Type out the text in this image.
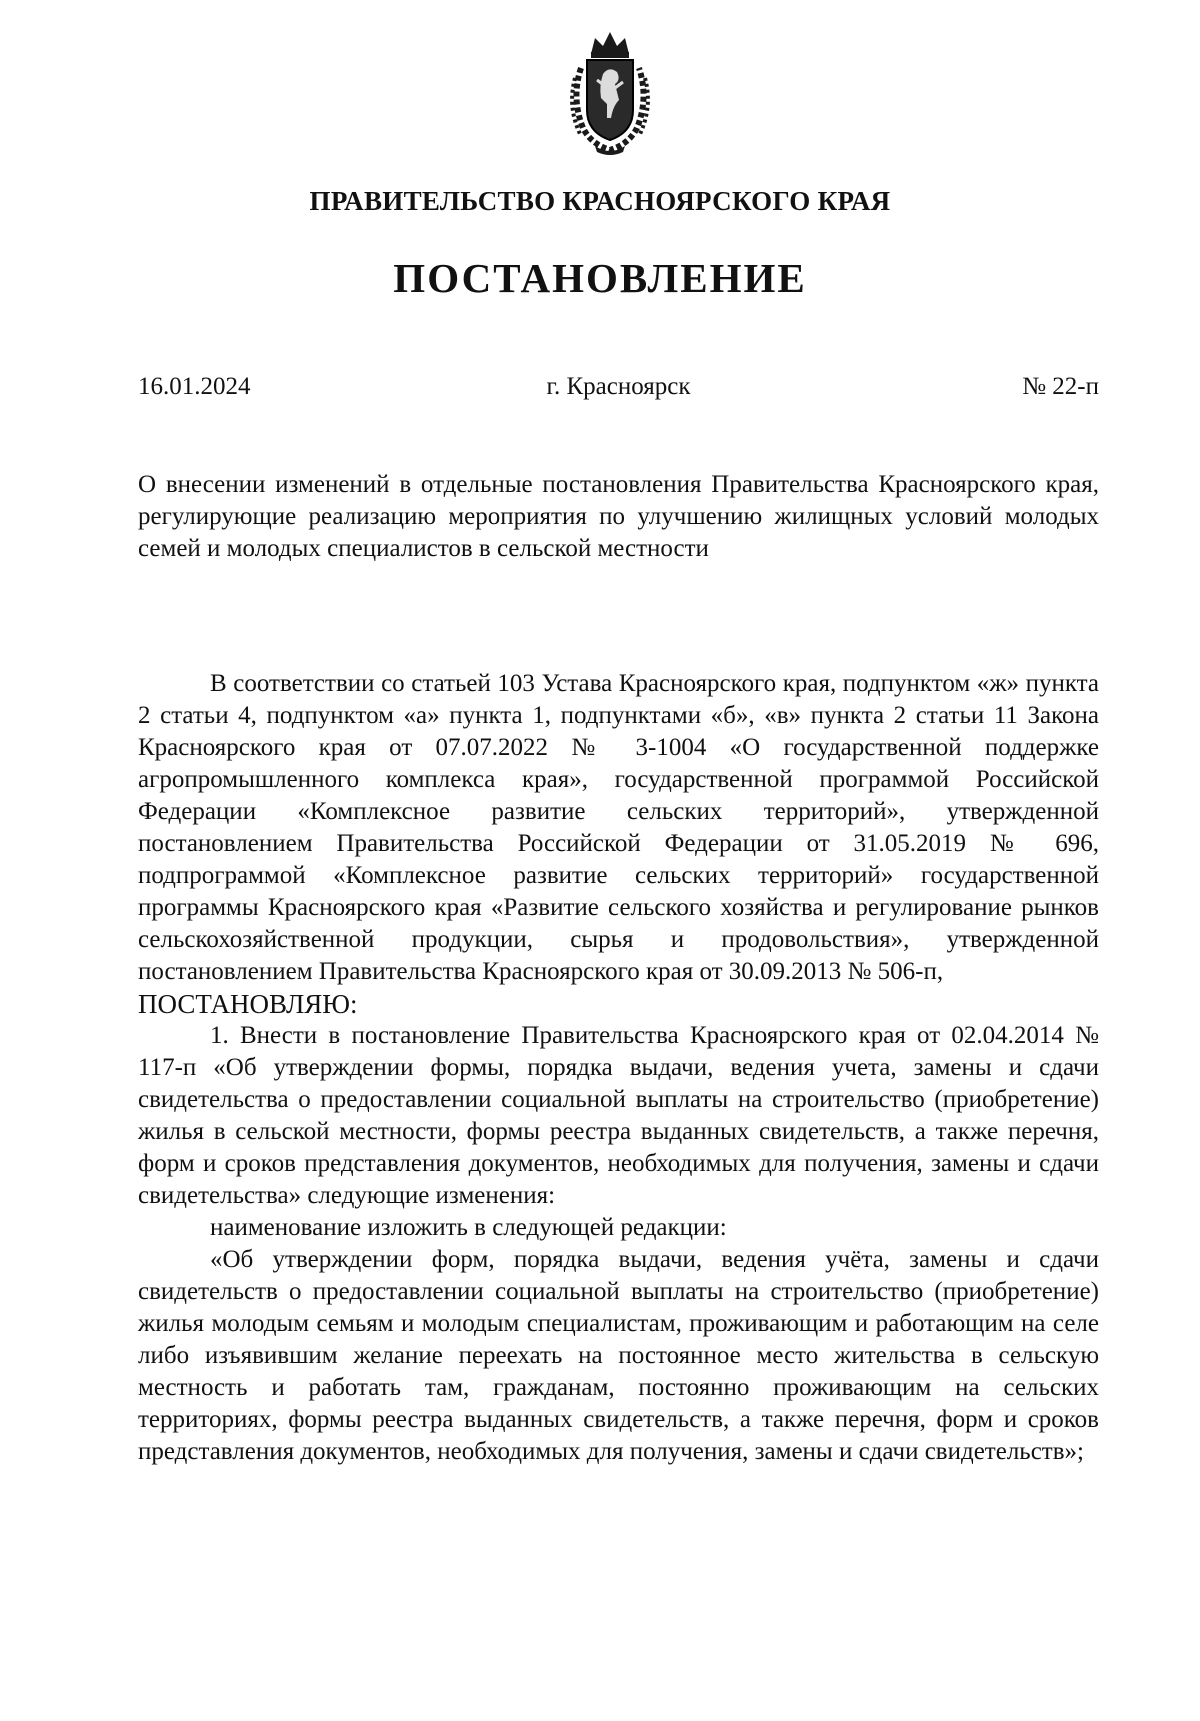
ПРАВИТЕЛЬСТВО КРАСНОЯРСКОГО КРАЯ
ПОСТАНОВЛЕНИЕ
16.01.2024	г. Красноярск	№ 22-п
О внесении изменений в отдельные постановления Правительства Красноярского края, регулирующие реализацию мероприятия по улучшению жилищных условий молодых семей и молодых специалистов в сельской местности

В соответствии со статьей 103 Устава Красноярского края, подпунктом «ж» пункта 2 статьи 4, подпунктом «а» пункта 1, подпунктами «б», «в» пункта 2 статьи 11 Закона Красноярского края от 07.07.2022 № 3-1004 «О государственной поддержке агропромышленного комплекса края», государственной программой Российской Федерации «Комплексное развитие сельских территорий», утвержденной постановлением Правительства Российской Федерации от 31.05.2019 № 696, подпрограммой «Комплексное развитие сельских территорий» государственной программы Красноярского края «Развитие сельского хозяйства и регулирование рынков сельскохозяйственной продукции, сырья и продовольствия», утвержденной постановлением Правительства Красноярского края от 30.09.2013 № 506-п,

ПОСТАНОВЛЯЮ:

1. Внести в постановление Правительства Красноярского края от 02.04.2014 № 117-п «Об утверждении формы, порядка выдачи, ведения учета, замены и сдачи свидетельства о предоставлении социальной выплаты на строительство (приобретение) жилья в сельской местности, формы реестра выданных свидетельств, а также перечня, форм и сроков представления документов, необходимых для получения, замены и сдачи свидетельства» следующие изменения:

наименование изложить в следующей редакции:

«Об утверждении форм, порядка выдачи, ведения учёта, замены и сдачи свидетельств о предоставлении социальной выплаты на строительство (приобретение) жилья молодым семьям и молодым специалистам, проживающим и работающим на селе либо изъявившим желание переехать на постоянное место жительства в сельскую местность и работать там, гражданам, постоянно проживающим на сельских территориях, формы реестра выданных свидетельств, а также перечня, форм и сроков представления документов, необходимых для получения, замены и сдачи свидетельств»;
